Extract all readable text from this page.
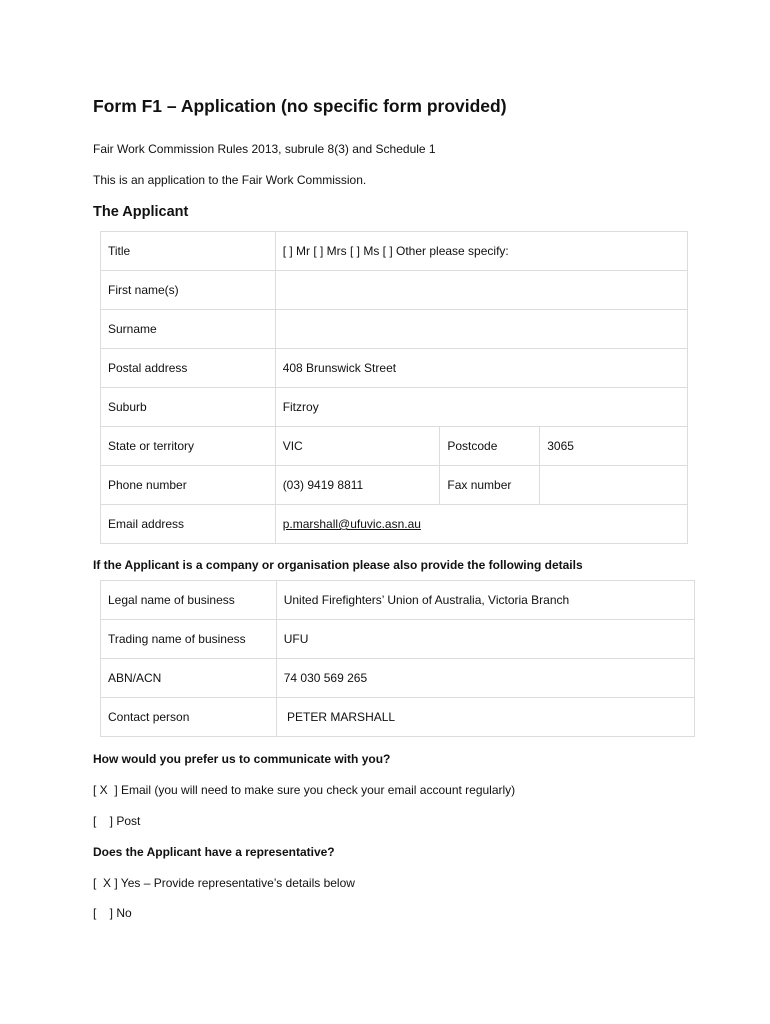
Form F1 – Application (no specific form provided)

Fair Work Commission Rules 2013, subrule 8(3) and Schedule 1

This is an application to the Fair Work Commission.

The Applicant
Title	[ ] Mr [ ] Mrs [ ] Ms [ ] Other please specify:		
First name(s)			
Surname			
Postal address	408 Brunswick Street		
Suburb	Fitzroy		
State or territory	VIC	Postcode	3065
Phone number	(03) 9419 8811	Fax number	
Email address	p.marshall@ufuvic.asn.au		

If the Applicant is a company or organisation please also provide the following details

Legal name of business	United Firefighters’ Union of Australia, Victoria Branch
Trading name of business	UFU
ABN/ACN	74 030 569 265
Contact person	PETER MARSHALL

How would you prefer us to communicate with you?

[ X  ] Email (you will need to make sure you check your email account regularly)

[    ] Post

Does the Applicant have a representative?

[  X ] Yes – Provide representative’s details below

[    ] No
